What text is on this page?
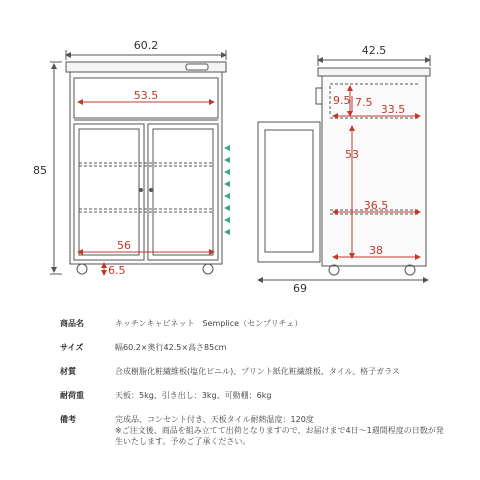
60.2
85
53.5
56
6.5
42.5
69
9.5 7.5
33.5
53
36.5
38
商品名	キッチンキャビネット　Semplice（センプリチェ）
サイズ	幅60.2×奥行42.5×高さ85cm
材質	合成樹脂化粧繊維板(塩化ビニル)、プリント紙化粧繊維板、タイル、格子ガラス
耐荷重	天板：5kg、引き出し：3kg、可動棚：6kg
備考	完成品、コンセント付き、天板タイル耐熱温度：120度
※ご注文後、商品を組み立てて出荷となりますので、お届けまで4日〜1週間程度の日数が発
生いたします。予めご了承ください。
